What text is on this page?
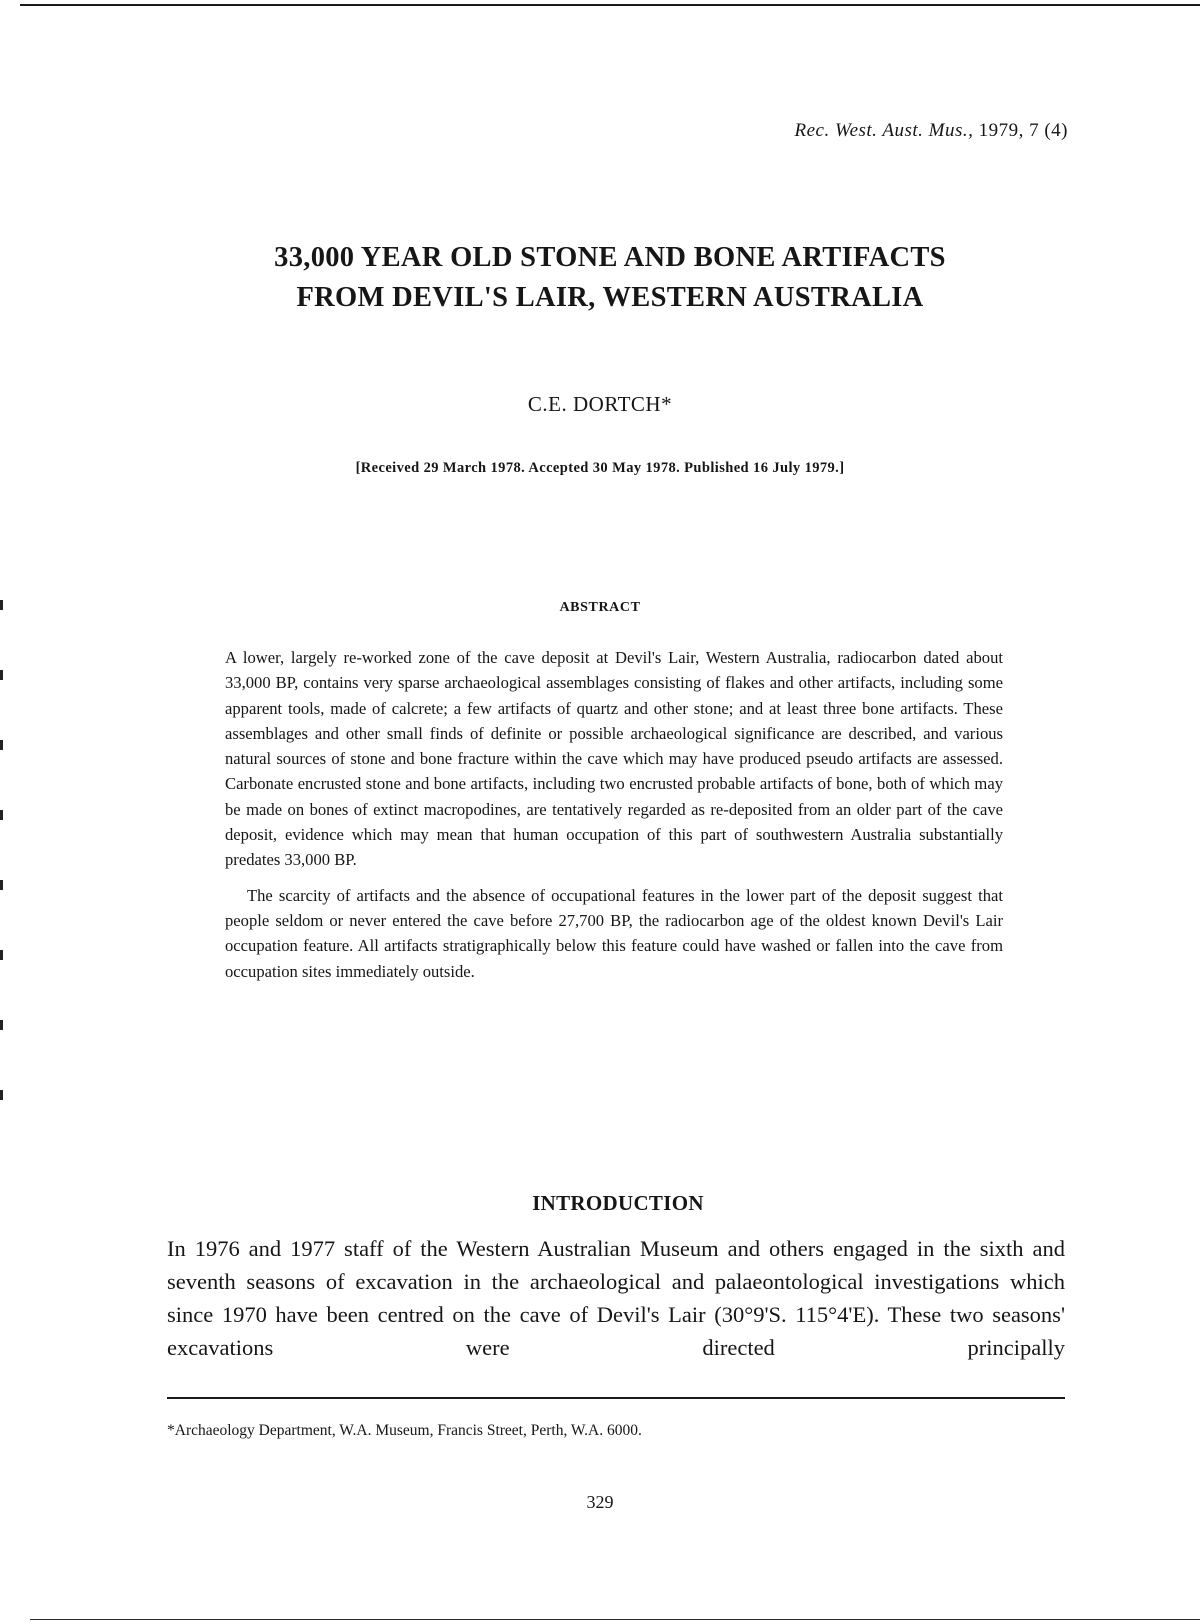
Rec. West. Aust. Mus., 1979, 7 (4)
33,000 YEAR OLD STONE AND BONE ARTIFACTS
FROM DEVIL'S LAIR, WESTERN AUSTRALIA
C.E. DORTCH*
[Received 29 March 1978. Accepted 30 May 1978. Published 16 July 1979.]
ABSTRACT

A lower, largely re-worked zone of the cave deposit at Devil's Lair, Western Australia, radiocarbon dated about 33,000 BP, contains very sparse archaeological assemblages consisting of flakes and other artifacts, including some apparent tools, made of calcrete; a few artifacts of quartz and other stone; and at least three bone artifacts. These assemblages and other small finds of definite or possible archaeological significance are described, and various natural sources of stone and bone fracture within the cave which may have produced pseudo artifacts are assessed. Carbonate encrusted stone and bone artifacts, including two encrusted probable artifacts of bone, both of which may be made on bones of extinct macropodines, are tentatively regarded as re-deposited from an older part of the cave deposit, evidence which may mean that human occupation of this part of southwestern Australia substantially predates 33,000 BP.

The scarcity of artifacts and the absence of occupational features in the lower part of the deposit suggest that people seldom or never entered the cave before 27,700 BP, the radiocarbon age of the oldest known Devil's Lair occupation feature. All artifacts stratigraphically below this feature could have washed or fallen into the cave from occupation sites immediately outside.

INTRODUCTION
In 1976 and 1977 staff of the Western Australian Museum and others engaged in the sixth and seventh seasons of excavation in the archaeological and palaeontological investigations which since 1970 have been centred on the cave of Devil's Lair (30°9'S. 115°4'E). These two seasons' excavations were directed principally
*Archaeology Department, W.A. Museum, Francis Street, Perth, W.A. 6000.
329
